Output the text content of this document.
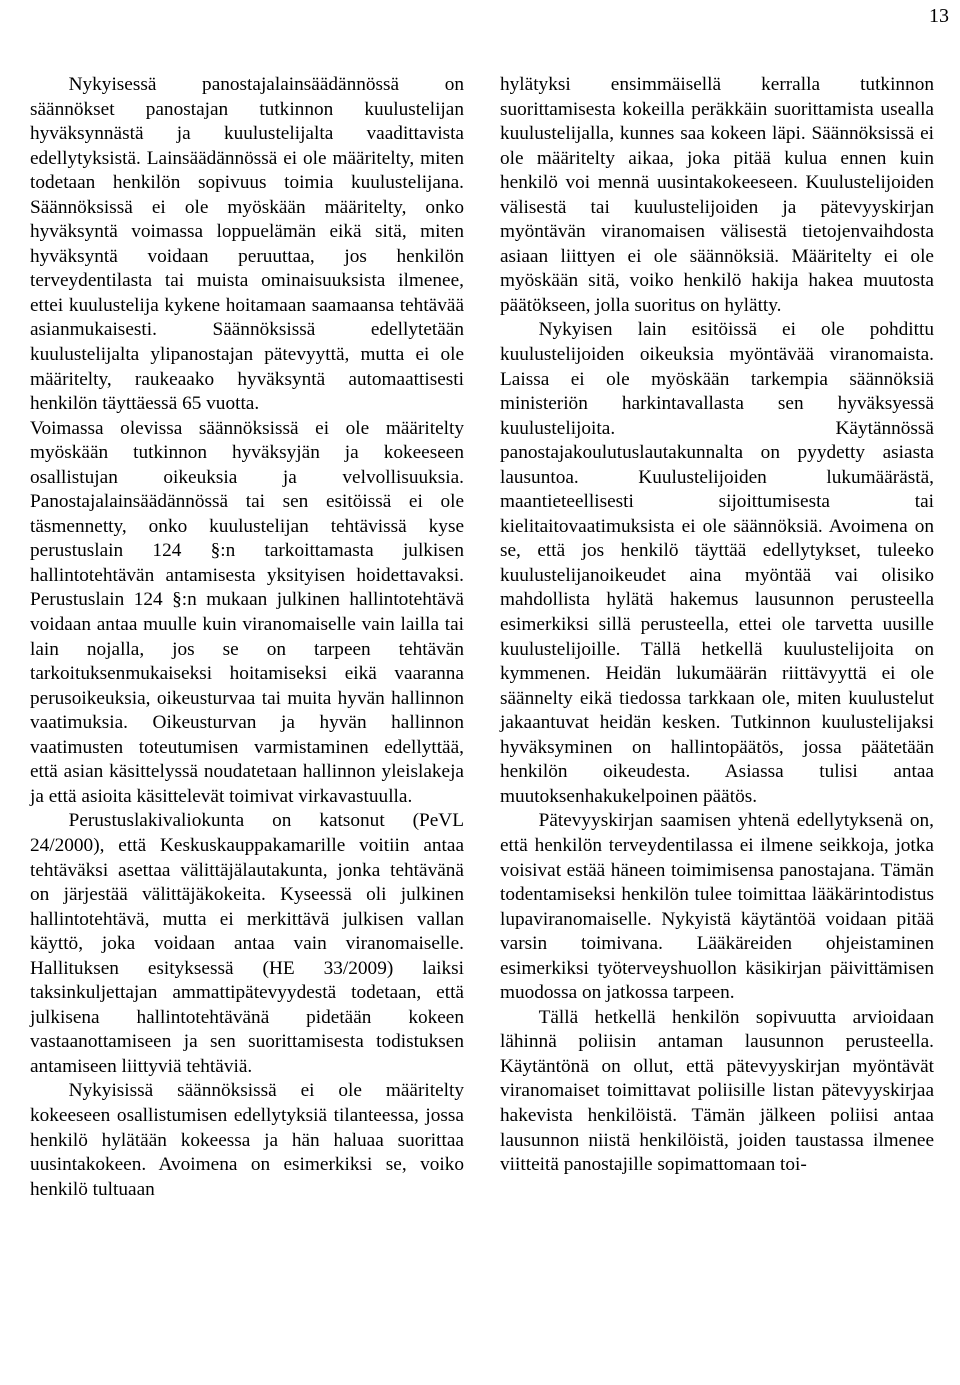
13

Nykyisessä panostajalainsäädännössä on säännökset panostajan tutkinnon kuulustelijan hyväksynnästä ja kuulustelijalta vaadittavista edellytyksistä. Lainsäädännössä ei ole määritelty, miten todetaan henkilön sopivuus toimia kuulustelijana. Säännöksissä ei ole myöskään määritelty, onko hyväksyntä voimassa loppuelämän eikä sitä, miten hyväksyntä voidaan peruuttaa, jos henkilön terveydentilasta tai muista ominaisuuksista ilmenee, ettei kuulustelija kykene hoitamaan saamaansa tehtävää asianmukaisesti. Säännöksissä edellytetään kuulustelijalta ylipanostajan pätevyyttä, mutta ei ole määritelty, raukeaako hyväksyntä automaattisesti henkilön täyttäessä 65 vuotta.

Voimassa olevissa säännöksissä ei ole määritelty myöskään tutkinnon hyväksyjän ja kokeeseen osallistujan oikeuksia ja velvollisuuksia. Panostajalainsäädännössä tai sen esitöissä ei ole täsmennetty, onko kuulustelijan tehtävissä kyse perustuslain 124 §:n tarkoittamasta julkisen hallintotehtävän antamisesta yksityisen hoidettavaksi. Perustuslain 124 §:n mukaan julkinen hallintotehtävä voidaan antaa muulle kuin viranomaiselle vain lailla tai lain nojalla, jos se on tarpeen tehtävän tarkoituksenmukaiseksi hoitamiseksi eikä vaaranna perusoikeuksia, oikeusturvaa tai muita hyvän hallinnon vaatimuksia. Oikeusturvan ja hyvän hallinnon vaatimusten toteutumisen varmistaminen edellyttää, että asian käsittelyssä noudatetaan hallinnon yleislakeja ja että asioita käsittelevät toimivat virkavastuulla.

Perustuslakivaliokunta on katsonut (PeVL 24/2000), että Keskuskauppakamarille voitiin antaa tehtäväksi asettaa välittäjälautakunta, jonka tehtävänä on järjestää välittäjäkokeita. Kyseessä oli julkinen hallintotehtävä, mutta ei merkittävä julkisen vallan käyttö, joka voidaan antaa vain viranomaiselle. Hallituksen esityksessä (HE 33/2009) laiksi taksinkuljettajan ammattipätevyydestä todetaan, että julkisena hallintotehtävänä pidetään kokeen vastaanottamiseen ja sen suorittamisesta todistuksen antamiseen liittyviä tehtäviä.

Nykyisissä säännöksissä ei ole määritelty kokeeseen osallistumisen edellytyksiä tilanteessa, jossa henkilö hylätään kokeessa ja hän haluaa suorittaa uusintakokeen. Avoimena on esimerkiksi se, voiko henkilö tultuaan

hylätyksi ensimmäisellä kerralla tutkinnon suorittamisesta kokeilla peräkkäin suorittamista usealla kuulustelijalla, kunnes saa kokeen läpi. Säännöksissä ei ole määritelty aikaa, joka pitää kulua ennen kuin henkilö voi mennä uusintakokeeseen. Kuulustelijoiden välisestä tai kuulustelijoiden ja pätevyyskirjan myöntävän viranomaisen välisestä tietojenvaihdosta asiaan liittyen ei ole säännöksiä. Määritelty ei ole myöskään sitä, voiko henkilö hakija hakea muutosta päätökseen, jolla suoritus on hylätty.

Nykyisen lain esitöissä ei ole pohdittu kuulustelijoiden oikeuksia myöntävää viranomaista. Laissa ei ole myöskään tarkempia säännöksiä ministeriön harkintavallasta sen hyväksyessä kuulustelijoita. Käytännössä panostajakoulutuslautakunnalta on pyydetty asiasta lausuntoa. Kuulustelijoiden lukumäärästä, maantieteellisesti sijoittumisesta tai kielitaitovaatimuksista ei ole säännöksiä. Avoimena on se, että jos henkilö täyttää edellytykset, tuleeko kuulustelijanoikeudet aina myöntää vai olisiko mahdollista hylätä hakemus lausunnon perusteella esimerkiksi sillä perusteella, ettei ole tarvetta uusille kuulustelijoille. Tällä hetkellä kuulustelijoita on kymmenen. Heidän lukumäärän riittävyyttä ei ole säännelty eikä tiedossa tarkkaan ole, miten kuulustelut jakaantuvat heidän kesken. Tutkinnon kuulustelijaksi hyväksyminen on hallintopäätös, jossa päätetään henkilön oikeudesta. Asiassa tulisi antaa muutoksenhakukelpoinen päätös.

Pätevyyskirjan saamisen yhtenä edellytyksenä on, että henkilön terveydentilassa ei ilmene seikkoja, jotka voisivat estää häneen toimimisensa panostajana. Tämän todentamiseksi henkilön tulee toimittaa lääkärintodistus lupaviranomaiselle. Nykyistä käytäntöä voidaan pitää varsin toimivana. Lääkäreiden ohjeistaminen esimerkiksi työterveyshuollon käsikirjan päivittämisen muodossa on jatkossa tarpeen.

Tällä hetkellä henkilön sopivuutta arvioidaan lähinnä poliisin antaman lausunnon perusteella. Käytäntönä on ollut, että pätevyyskirjan myöntävät viranomaiset toimittavat poliisille listan pätevyyskirjaa hakevista henkilöistä. Tämän jälkeen poliisi antaa lausunnon niistä henkilöistä, joiden taustassa ilmenee viitteitä panostajille sopimattomaan toi-
